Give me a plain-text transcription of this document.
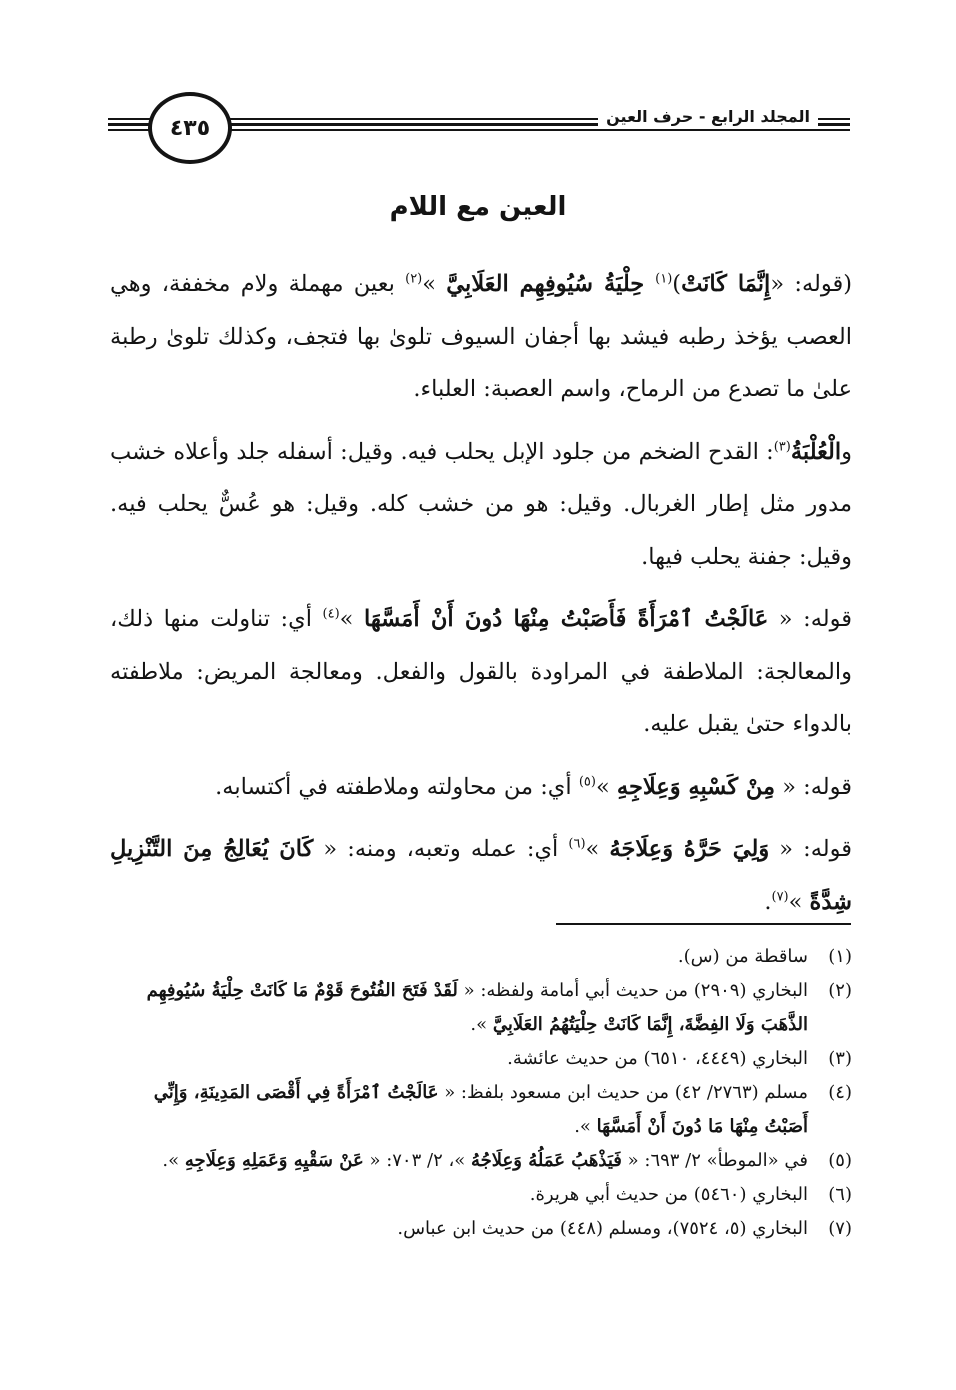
المجلد الرابع - حرف العين
٤٣٥
العين مع اللام

(قوله: «إِنَّمَا كَانَتْ)$^{(١)}$ حِلْيَةُ سُيُوفِهِم العَلَابِيَّ »$^{(٢)}$ بعين مهملة ولام مخففة، وهي العصب يؤخذ رطبه فيشد بها أجفان السيوف تلوىٰ بها فتجف، وكذلك تلوىٰ رطبة علىٰ ما تصدع من الرماح، واسم العصبة: العلباء.

والْعُلْبَةُ$^{(٣)}$: القدح الضخم من جلود الإبل يحلب فيه. وقيل: أسفله جلد وأعلاه خشب مدور مثل إطار الغربال. وقيل: هو من خشب كله. وقيل: هو عُسٌّ يحلب فيه. وقيل: جفنة يحلب فيها.

قوله: « عَالَجْتُ ٱمْرَأَةً فَأَصَبْتُ مِنْهَا دُونَ أَنْ أَمَسَّهَا »$^{(٤)}$ أي: تناولت منها ذلك، والمعالجة: الملاطفة في المراودة بالقول والفعل. ومعالجة المريض: ملاطفته بالدواء حتىٰ يقبل عليه.

قوله: « مِنْ كَسْبِهِ وَعِلَاجِهِ »$^{(٥)}$ أي: من محاولته وملاطفته في أكتسابه.

قوله: « وَلِيَ حَرَّهُ وَعِلَاجَهُ »$^{(٦)}$ أي: عمله وتعبه، ومنه: « كَانَ يُعَالِجُ مِنَ التَّنْزِيلِ شِدَّةً »$^{(٧)}$.

(١)
ساقطة من (س).
(٢)
البخاري (٢٩٠٩) من حديث أبي أمامة ولفظه: « لَقَدْ فَتَحَ الفُتُوحَ قَوْمٌ مَا كَانَتْ حِلْيَةُ سُيُوفِهِم الذَّهَبَ وَلَا الفِضَّةَ، إِنَّمَا كَانَتْ حِلْيَتُهُمُ العَلَابِيَّ ».
(٣)
البخاري (٤٤٤٩، ٦٥١٠) من حديث عائشة.
(٤)
مسلم (٢٧٦٣/ ٤٢) من حديث ابن مسعود بلفظ: « عَالَجْتُ ٱمْرَأَةً فِي أَقْصَى المَدِينَةِ، وَإِنِّي أَصَبْتُ مِنْهَا مَا دُونَ أَنْ أَمَسَّهَا ».
(٥)
في «الموطأ» ٢/ ٦٩٣: « فَيَذْهَبُ عَمَلُهُ وَعِلَاجُهُ »، ٢/ ٧٠٣: « عَنْ سَقْيِهِ وَعَمَلِهِ وَعِلَاجِهِ ».
(٦)
البخاري (٥٤٦٠) من حديث أبي هريرة.
(٧)
البخاري (٥، ٧٥٢٤)، ومسلم (٤٤٨) من حديث ابن عباس.
